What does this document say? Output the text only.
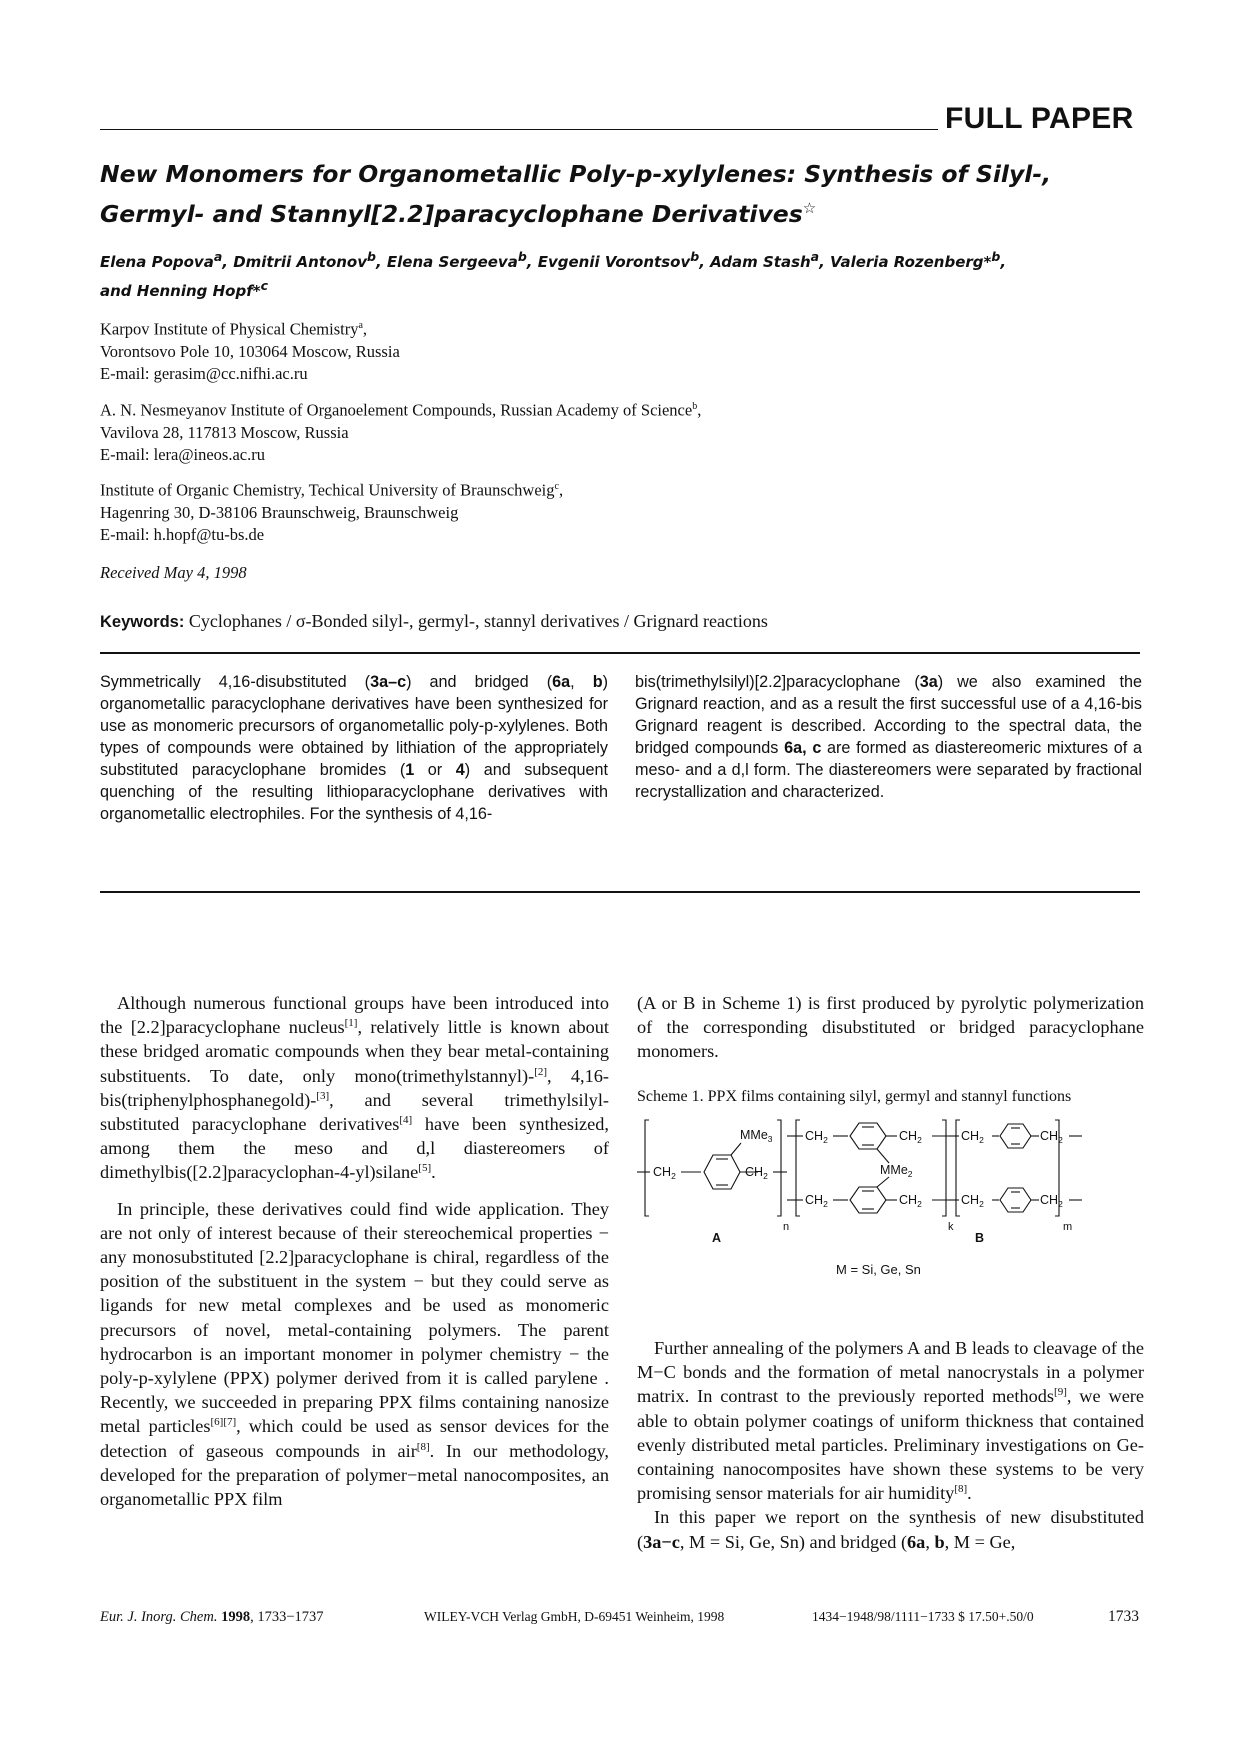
FULL PAPER
New Monomers for Organometallic Poly-p-xylylenes: Synthesis of Silyl-,
Germyl- and Stannyl[2.2]paracyclophane Derivatives☆
Elena Popova$^a$, Dmitrii Antonov$^b$, Elena Sergeeva$^b$, Evgenii Vorontsov$^b$, Adam Stash$^a$, Valeria Rozenberg*$^b$,
and Henning Hopf*$^c$
Karpov Institute of Physical Chemistry$^a$,
Vorontsovo Pole 10, 103064 Moscow, Russia
E-mail: gerasim@cc.nifhi.ac.ru
A. N. Nesmeyanov Institute of Organoelement Compounds, Russian Academy of Science$^b$,
Vavilova 28, 117813 Moscow, Russia
E-mail: lera@ineos.ac.ru
Institute of Organic Chemistry, Techical University of Braunschweig$^c$,
Hagenring 30, D-38106 Braunschweig, Braunschweig
E-mail: h.hopf@tu-bs.de
Received May 4, 1998
Keywords: Cyclophanes / σ-Bonded silyl-, germyl-, stannyl derivatives / Grignard reactions
Symmetrically 4,16-disubstituted (3a–c) and bridged (6a, b) organometallic paracyclophane derivatives have been synthesized for use as monomeric precursors of organometallic poly-p-xylylenes. Both types of compounds were obtained by lithiation of the appropriately substituted paracyclophane bromides (1 or 4) and subsequent quenching of the resulting lithioparacyclophane derivatives with organometallic electrophiles. For the synthesis of 4,16-
bis(trimethylsilyl)[2.2]paracyclophane (3a) we also examined the Grignard reaction, and as a result the first successful use of a 4,16-bis Grignard reagent is described. According to the spectral data, the bridged compounds 6a, c are formed as diastereomeric mixtures of a meso- and a d,l form. The diastereomers were separated by fractional recrystallization and characterized.

Although numerous functional groups have been introduced into the [2.2]paracyclophane nucleus[1], relatively little is known about these bridged aromatic compounds when they bear metal-containing substituents. To date, only mono(trimethylstannyl)-[2], 4,16-bis(triphenylphosphanegold)-[3], and several trimethylsilyl-substituted paracyclophane derivatives[4] have been synthesized, among them the meso and d,l diastereomers of dimethylbis([2.2]paracyclophan-4-yl)silane[5].

In principle, these derivatives could find wide application. They are not only of interest because of their stereochemical properties − any monosubstituted [2.2]paracyclophane is chiral, regardless of the position of the substituent in the system − but they could serve as ligands for new metal complexes and be used as monomeric precursors of novel, metal-containing polymers. The parent hydrocarbon is an important monomer in polymer chemistry − the poly-p-xylylene (PPX) polymer derived from it is called parylene . Recently, we succeeded in preparing PPX films containing nanosize metal particles[6][7], which could be used as sensor devices for the detection of gaseous compounds in air[8]. In our methodology, developed for the preparation of polymer−metal nanocomposites, an organometallic PPX film

(A or B in Scheme 1) is first produced by pyrolytic polymerization of the corresponding disubstituted or bridged paracyclophane monomers.

Scheme 1. PPX films containing silyl, germyl and stannyl functions
$CH_2$
MMe$_3$
$CH_2$
n
$CH_2$	$CH_2$
MMe$_2$
$CH_2$	$CH_2$
k
$CH_2$	$CH_2$
$CH_2$	$CH_2$
m
A	B
M = Si, Ge, Sn

Further annealing of the polymers A and B leads to cleavage of the M−C bonds and the formation of metal nanocrystals in a polymer matrix. In contrast to the previously reported methods[9], we were able to obtain polymer coatings of uniform thickness that contained evenly distributed metal particles. Preliminary investigations on Ge-containing nanocomposites have shown these systems to be very promising sensor materials for air humidity[8].

In this paper we report on the synthesis of new disubstituted (3a−c, M = Si, Ge, Sn) and bridged (6a, b, M = Ge,

Eur. J. Inorg. Chem. 1998, 1733−1737	WILEY-VCH Verlag GmbH, D-69451 Weinheim, 1998	1434−1948/98/1111−1733 $ 17.50+.50/0	1733
